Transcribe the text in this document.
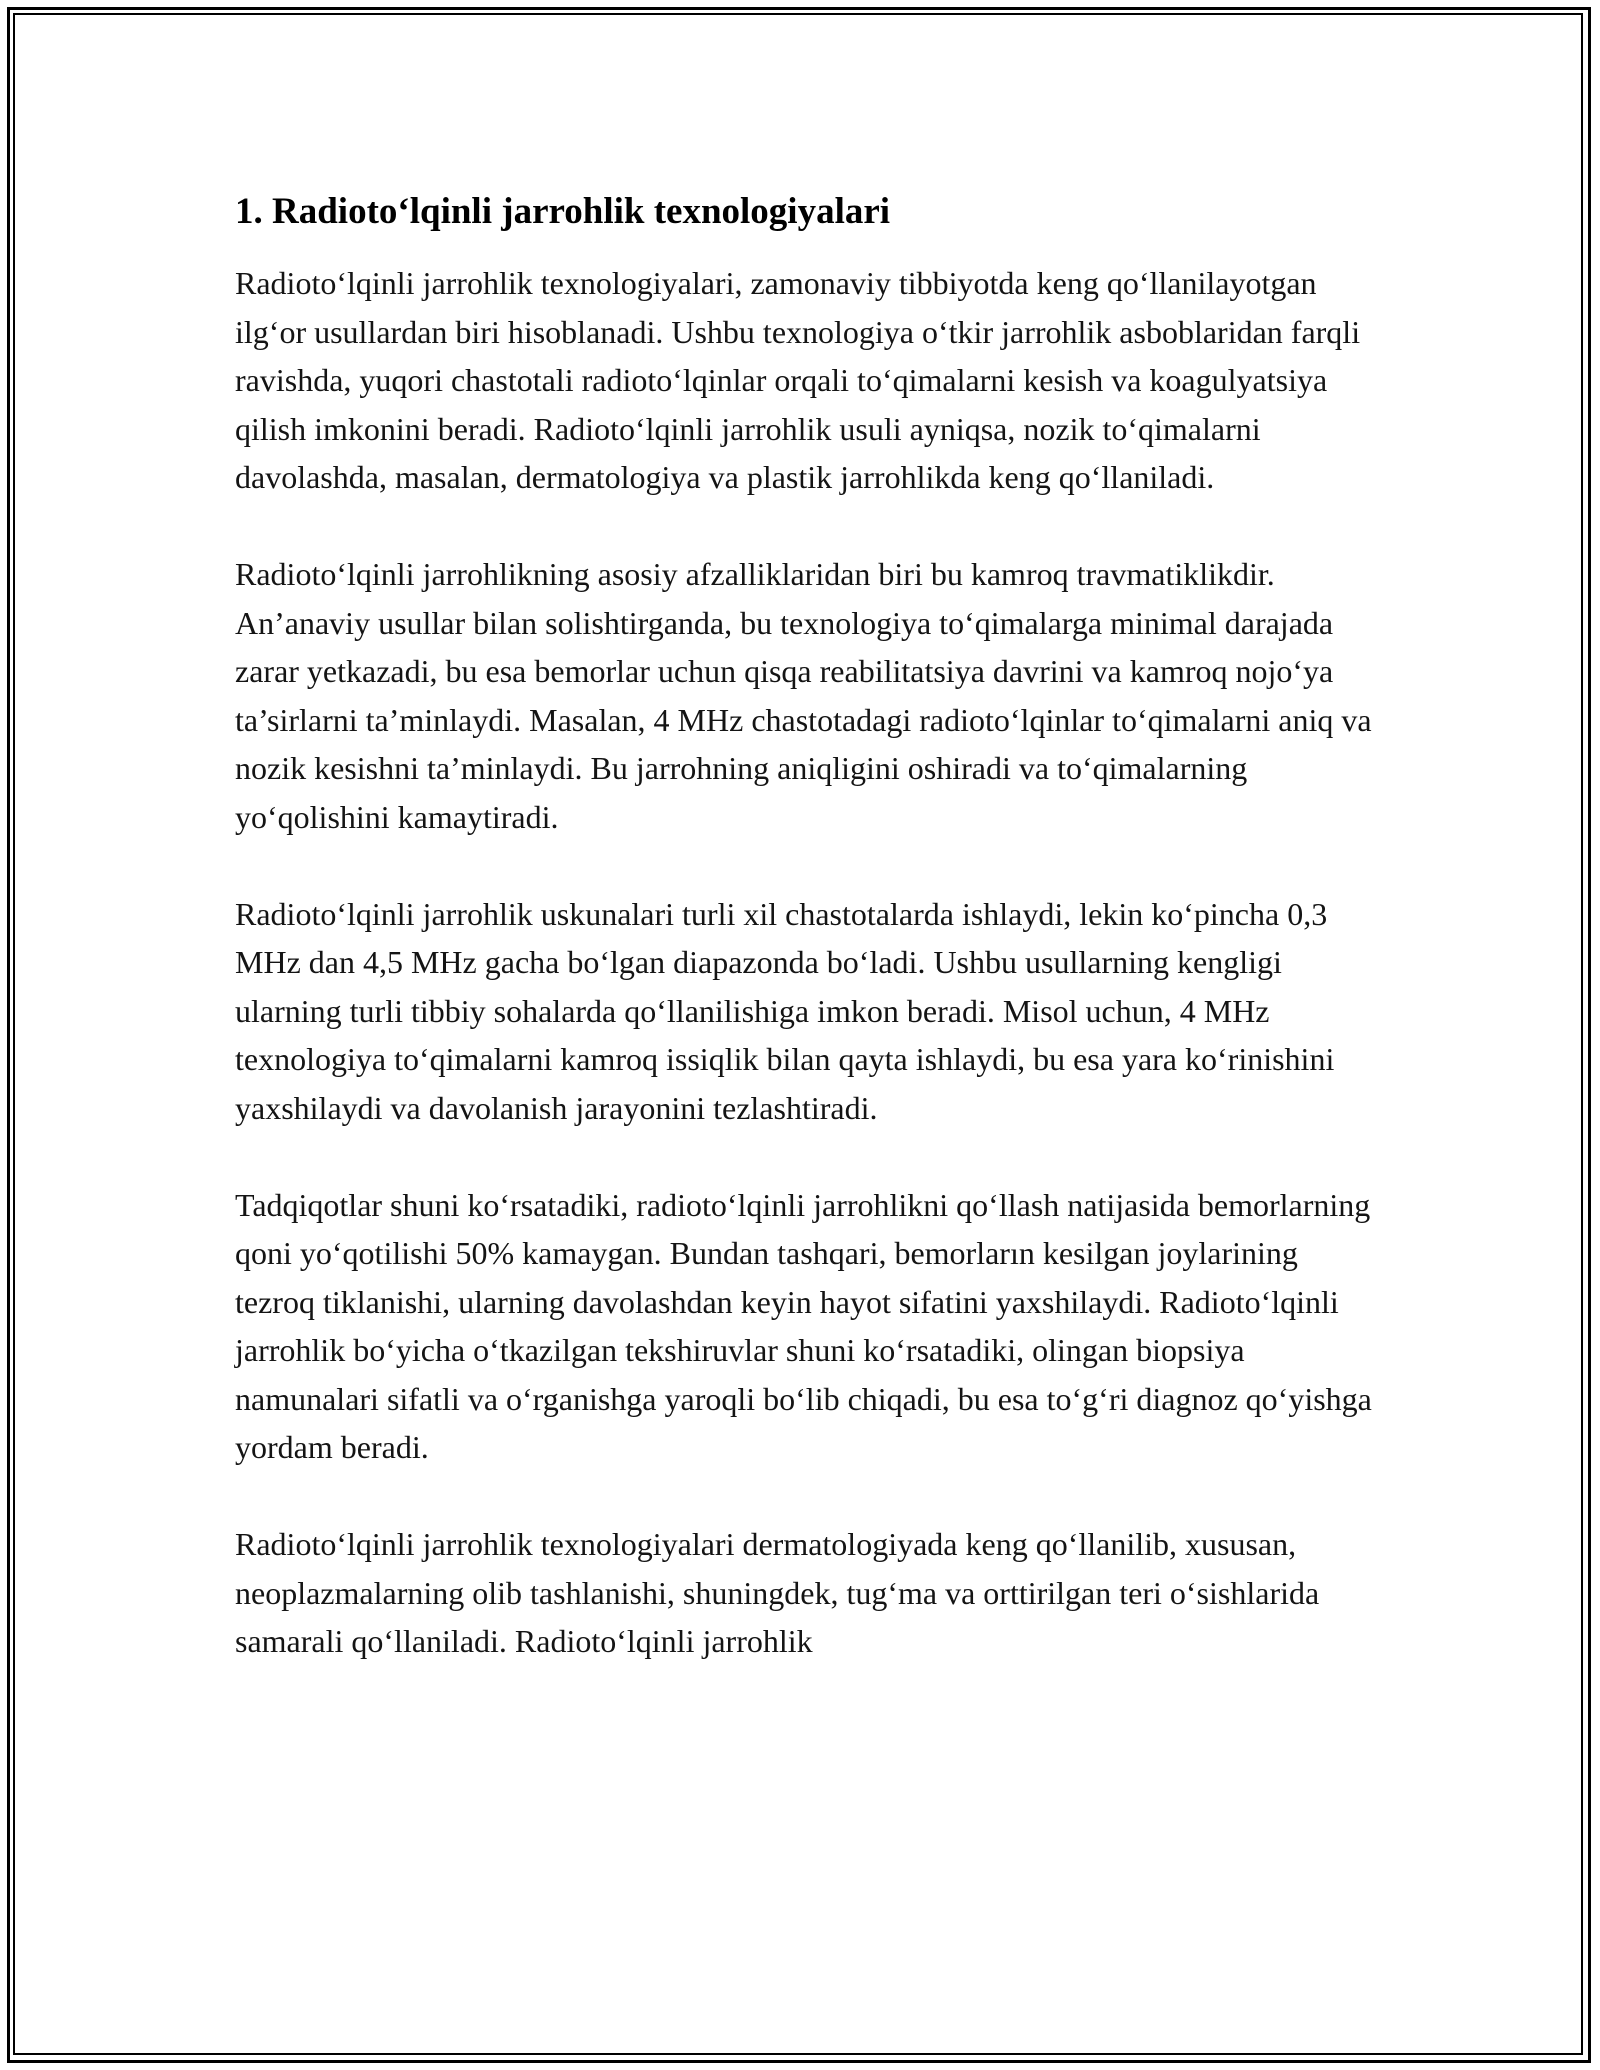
1. Radioto‘lqinli jarrohlik texnologiyalari

Radioto‘lqinli jarrohlik texnologiyalari, zamonaviy tibbiyotda keng qo‘llanilayotgan ilg‘or usullardan biri hisoblanadi. Ushbu texnologiya o‘tkir jarrohlik asboblaridan farqli ravishda, yuqori chastotali radioto‘lqinlar orqali to‘qimalarni kesish va koagulyatsiya qilish imkonini beradi. Radioto‘lqinli jarrohlik usuli ayniqsa, nozik to‘qimalarni davolashda, masalan, dermatologiya va plastik jarrohlikda keng qo‘llaniladi.

Radioto‘lqinli jarrohlikning asosiy afzalliklaridan biri bu kamroq travmatiklikdir. An’anaviy usullar bilan solishtirganda, bu texnologiya to‘qimalarga minimal darajada zarar yetkazadi, bu esa bemorlar uchun qisqa reabilitatsiya davrini va kamroq nojo‘ya ta’sirlarni ta’minlaydi. Masalan, 4 MHz chastotadagi radioto‘lqinlar to‘qimalarni aniq va nozik kesishni ta’minlaydi. Bu jarrohning aniqligini oshiradi va to‘qimalarning yo‘qolishini kamaytiradi.

Radioto‘lqinli jarrohlik uskunalari turli xil chastotalarda ishlaydi, lekin ko‘pincha 0,3 MHz dan 4,5 MHz gacha bo‘lgan diapazonda bo‘ladi. Ushbu usullarning kengligi ularning turli tibbiy sohalarda qo‘llanilishiga imkon beradi. Misol uchun, 4 MHz texnologiya to‘qimalarni kamroq issiqlik bilan qayta ishlaydi, bu esa yara ko‘rinishini yaxshilaydi va davolanish jarayonini tezlashtiradi.

Tadqiqotlar shuni ko‘rsatadiki, radioto‘lqinli jarrohlikni qo‘llash natijasida bemorlarning qoni yo‘qotilishi 50% kamaygan. Bundan tashqari, bemorların kesilgan joylarining tezroq tiklanishi, ularning davolashdan keyin hayot sifatini yaxshilaydi. Radioto‘lqinli jarrohlik bo‘yicha o‘tkazilgan tekshiruvlar shuni ko‘rsatadiki, olingan biopsiya namunalari sifatli va o‘rganishga yaroqli bo‘lib chiqadi, bu esa to‘g‘ri diagnoz qo‘yishga yordam beradi.

Radioto‘lqinli jarrohlik texnologiyalari dermatologiyada keng qo‘llanilib, xususan, neoplazmalarning olib tashlanishi, shuningdek, tug‘ma va orttirilgan teri o‘sishlarida samarali qo‘llaniladi. Radioto‘lqinli jarrohlik
